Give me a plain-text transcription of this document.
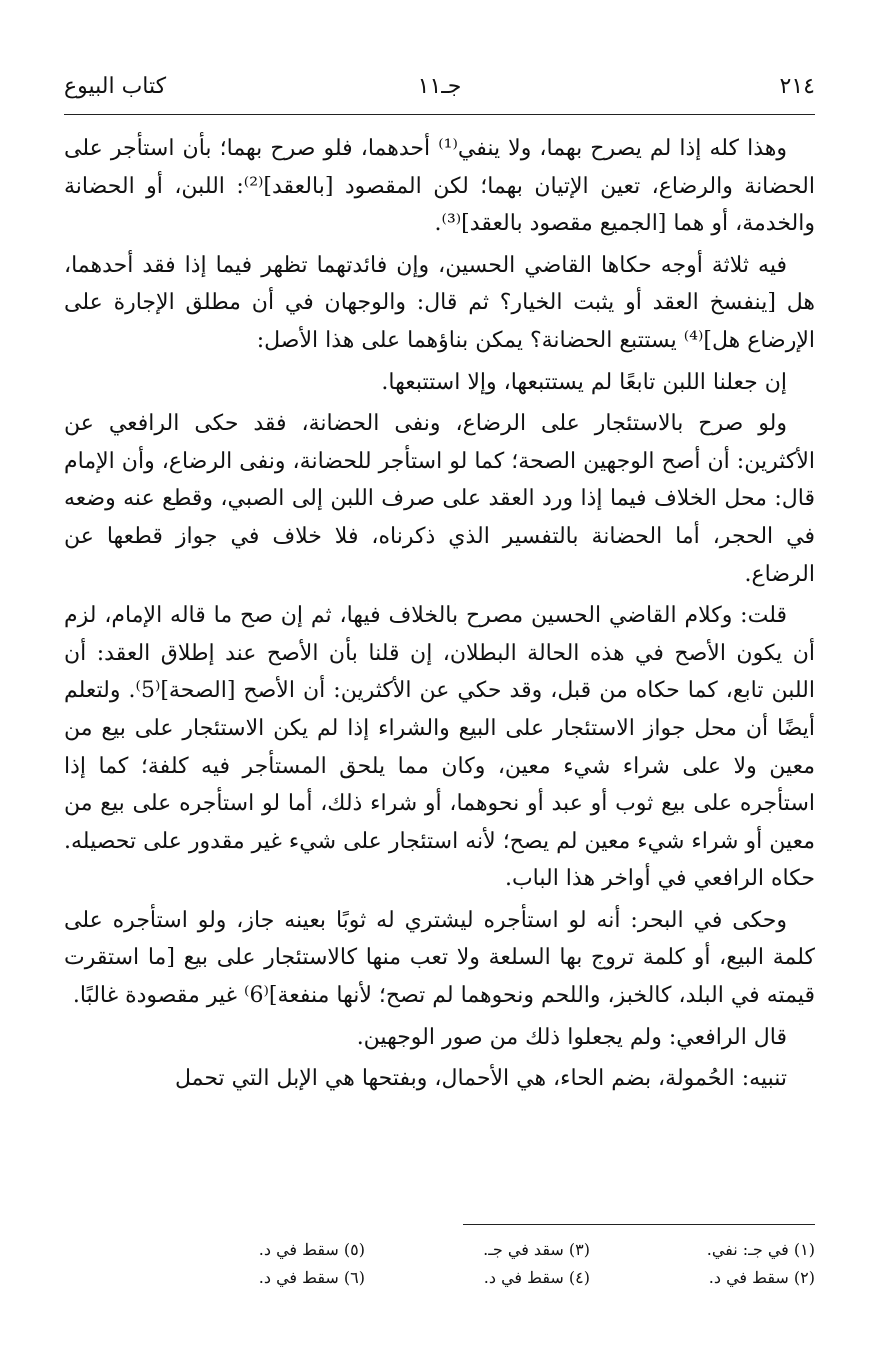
٢١٤
جـ١١
كتاب البيوع

وهذا كله إذا لم يصرح بهما، ولا ينفي⁽¹⁾ أحدهما، فلو صرح بهما؛ بأن استأجر على الحضانة والرضاع، تعين الإتيان بهما؛ لكن المقصود [بالعقد]⁽²⁾: اللبن، أو الحضانة والخدمة، أو هما [الجميع مقصود بالعقد]⁽³⁾.

فيه ثلاثة أوجه حكاها القاضي الحسين، وإن فائدتهما تظهر فيما إذا فقد أحدهما، هل [ينفسخ العقد أو يثبت الخيار؟ ثم قال: والوجهان في أن مطلق الإجارة على الإرضاع هل]⁽⁴⁾ يستتبع الحضانة؟ يمكن بناؤهما على هذا الأصل:

إن جعلنا اللبن تابعًا لم يستتبعها، وإلا استتبعها.

ولو صرح بالاستئجار على الرضاع، ونفى الحضانة، فقد حكى الرافعي عن الأكثرين: أن أصح الوجهين الصحة؛ كما لو استأجر للحضانة، ونفى الرضاع، وأن الإمام قال: محل الخلاف فيما إذا ورد العقد على صرف اللبن إلى الصبي، وقطع عنه وضعه في الحجر، أما الحضانة بالتفسير الذي ذكرناه، فلا خلاف في جواز قطعها عن الرضاع.

قلت: وكلام القاضي الحسين مصرح بالخلاف فيها، ثم إن صح ما قاله الإمام، لزم أن يكون الأصح في هذه الحالة البطلان، إن قلنا بأن الأصح عند إطلاق العقد: أن اللبن تابع، كما حكاه من قبل، وقد حكي عن الأكثرين: أن الأصح [الصحة]⁽5⁾. ولتعلم أيضًا أن محل جواز الاستئجار على البيع والشراء إذا لم يكن الاستئجار على بيع من معين ولا على شراء شيء معين، وكان مما يلحق المستأجر فيه كلفة؛ كما إذا استأجره على بيع ثوب أو عبد أو نحوهما، أو شراء ذلك، أما لو استأجره على بيع من معين أو شراء شيء معين لم يصح؛ لأنه استئجار على شيء غير مقدور على تحصيله. حكاه الرافعي في أواخر هذا الباب.

وحكى في البحر: أنه لو استأجره ليشتري له ثوبًا بعينه جاز، ولو استأجره على كلمة البيع، أو كلمة تروج بها السلعة ولا تعب منها كالاستئجار على بيع [ما استقرت قيمته في البلد، كالخبز، واللحم ونحوهما لم تصح؛ لأنها منفعة]⁽6⁾ غير مقصودة غالبًا.

قال الرافعي: ولم يجعلوا ذلك من صور الوجهين.

تنبيه: الحُمولة، بضم الحاء، هي الأحمال، وبفتحها هي الإبل التي تحمل

(١) في جـ: نفي.
(٢) سقط في د.
(٣) سقد في جـ.
(٤) سقط في د.
(٥) سقط في د.
(٦) سقط في د.
